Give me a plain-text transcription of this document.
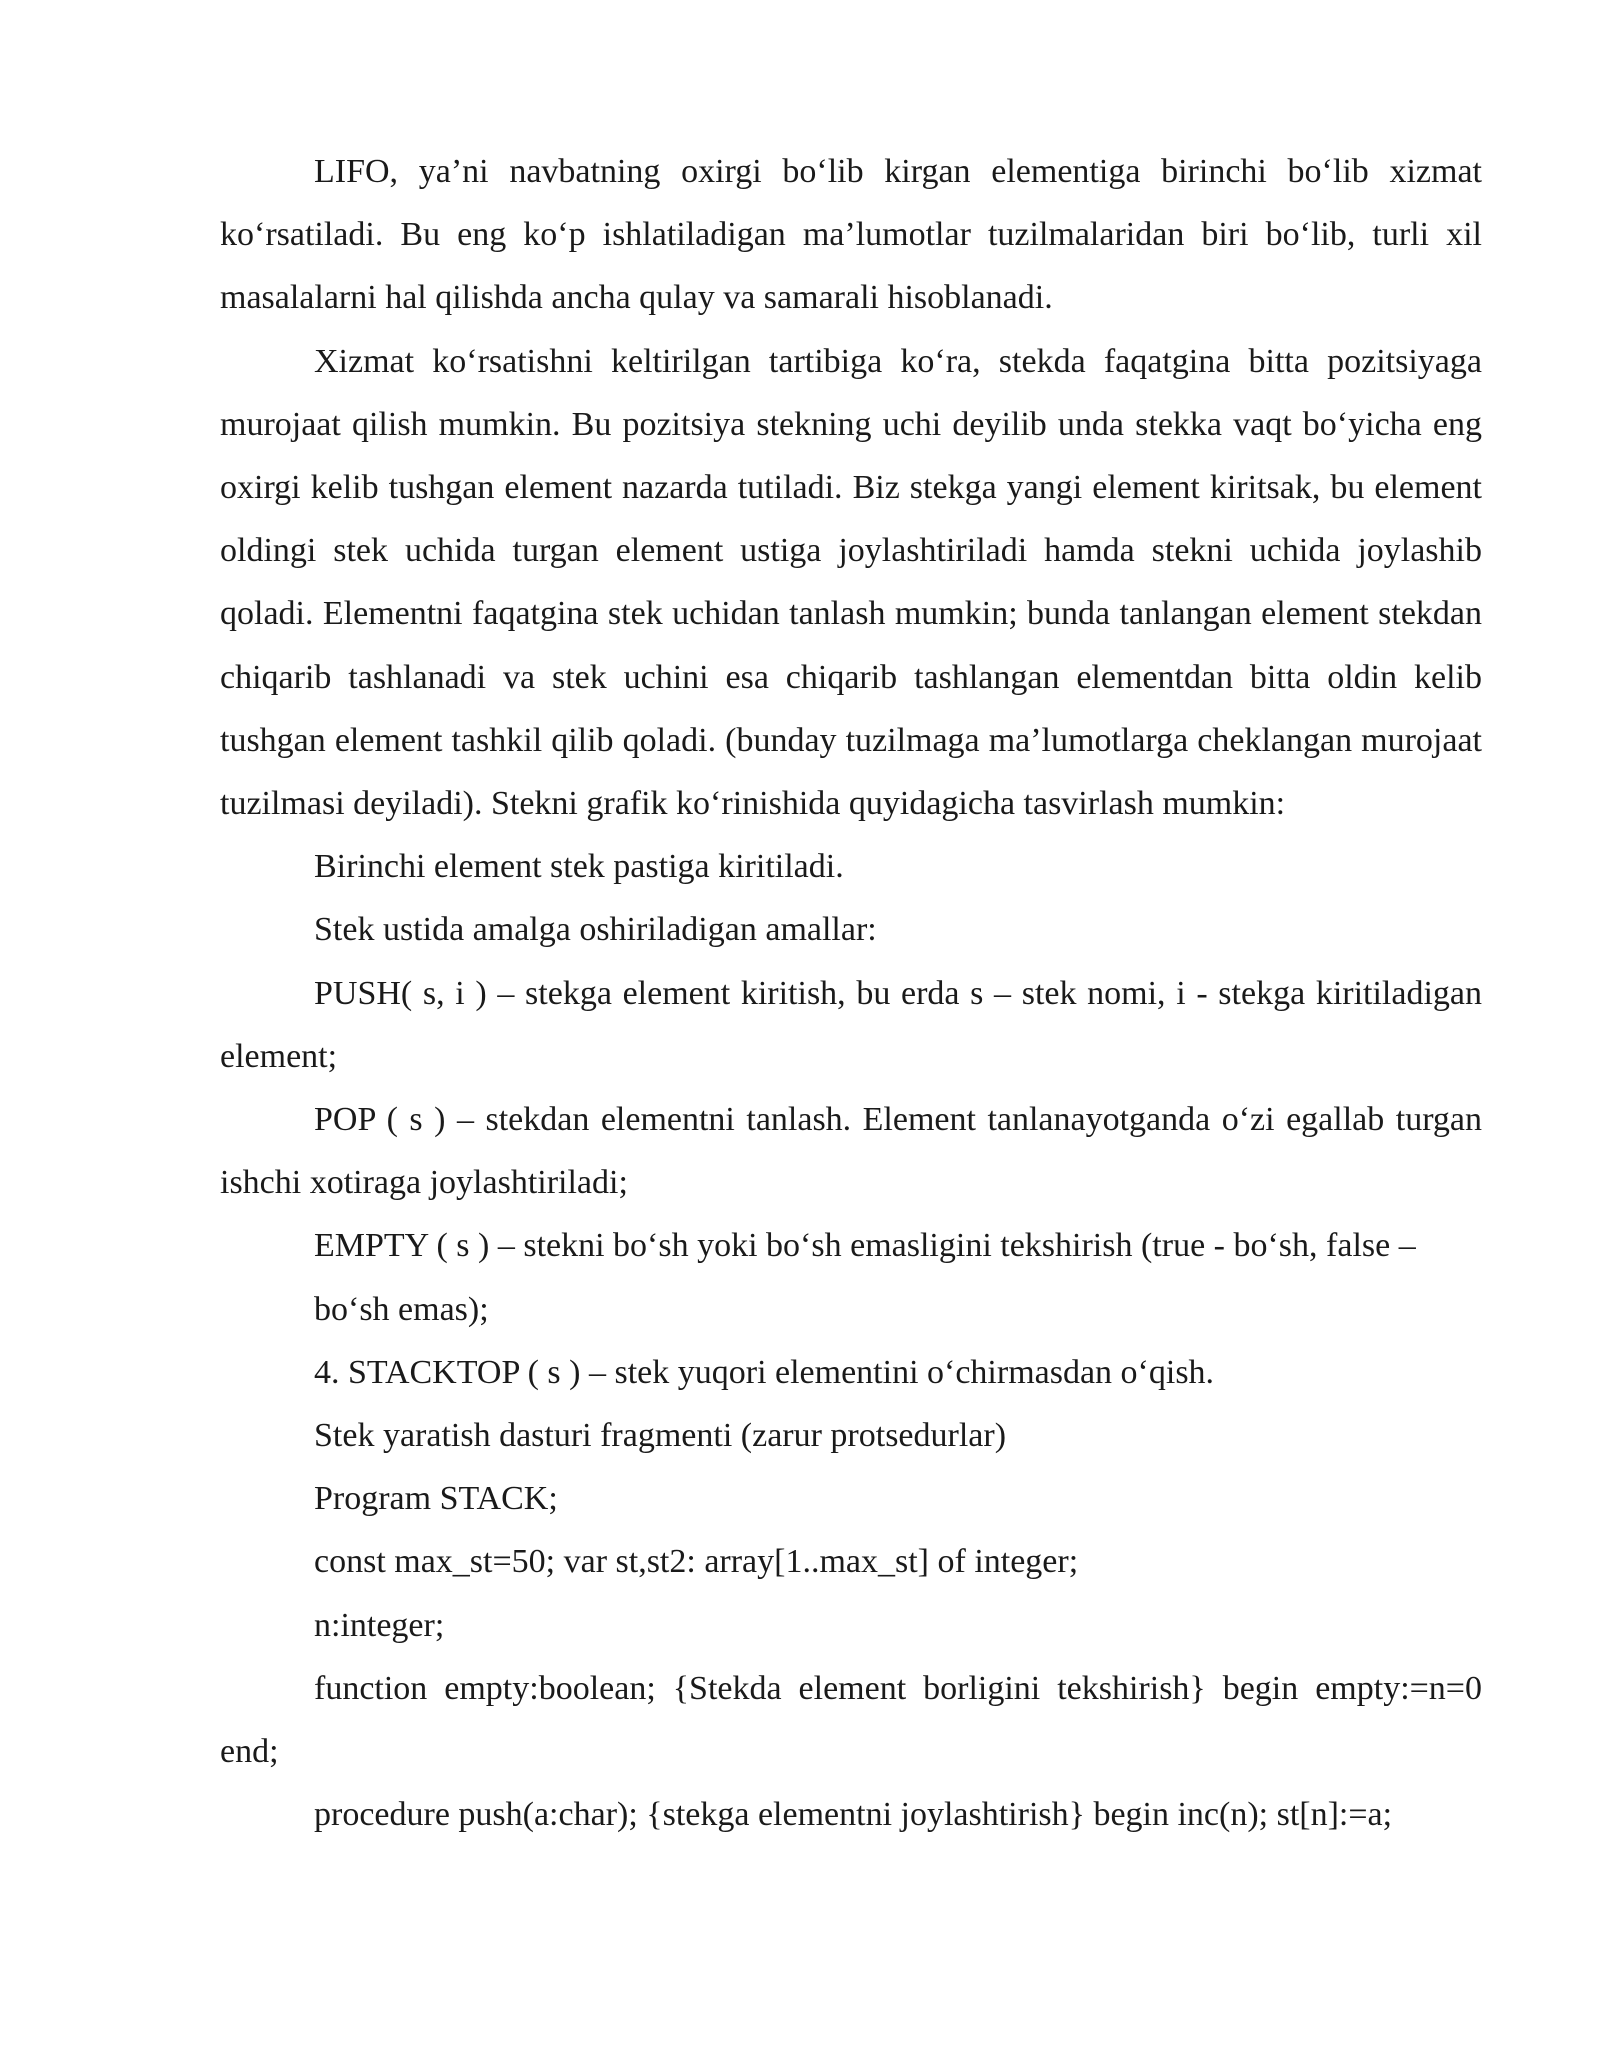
LIFO, ya’ni navbatning oxirgi bo‘lib kirgan elementiga birinchi bo‘lib xizmat ko‘rsatiladi. Bu eng ko‘p ishlatiladigan ma’lumotlar tuzilmalaridan biri bo‘lib, turli xil masalalarni hal qilishda ancha qulay va samarali hisoblanadi.

Xizmat ko‘rsatishni keltirilgan tartibiga ko‘ra, stekda faqatgina bitta pozitsiyaga murojaat qilish mumkin. Bu pozitsiya stekning uchi deyilib unda stekka vaqt bo‘yicha eng oxirgi kelib tushgan element nazarda tutiladi. Biz stekga yangi element kiritsak, bu element oldingi stek uchida turgan element ustiga joylashtiriladi hamda stekni uchida joylashib qoladi. Elementni faqatgina stek uchidan tanlash mumkin; bunda tanlangan element stekdan chiqarib tashlanadi va stek uchini esa chiqarib tashlangan elementdan bitta oldin kelib tushgan element tashkil qilib qoladi. (bunday tuzilmaga ma’lumotlarga cheklangan murojaat tuzilmasi deyiladi). Stekni grafik ko‘rinishida quyidagicha tasvirlash mumkin:

Birinchi element stek pastiga kiritiladi.

Stek ustida amalga oshiriladigan amallar:

PUSH( s, i ) – stekga element kiritish, bu erda s – stek nomi, i - stekga kiritiladigan element;

POP ( s ) – stekdan elementni tanlash. Element tanlanayotganda o‘zi egallab turgan ishchi xotiraga joylashtiriladi;

EMPTY ( s ) – stekni bo‘sh yoki bo‘sh emasligini tekshirish (true - bo‘sh, false – bo‘sh emas);

4. STACKTOP ( s ) – stek yuqori elementini o‘chirmasdan o‘qish.

Stek yaratish dasturi fragmenti (zarur protsedurlar)

Program STACK;

const max_st=50; var st,st2: array[1..max_st] of integer;

n:integer;

function empty:boolean; {Stekda element borligini tekshirish} begin empty:=n=0 end;

procedure push(a:char); {stekga elementni joylashtirish} begin inc(n); st[n]:=a;
